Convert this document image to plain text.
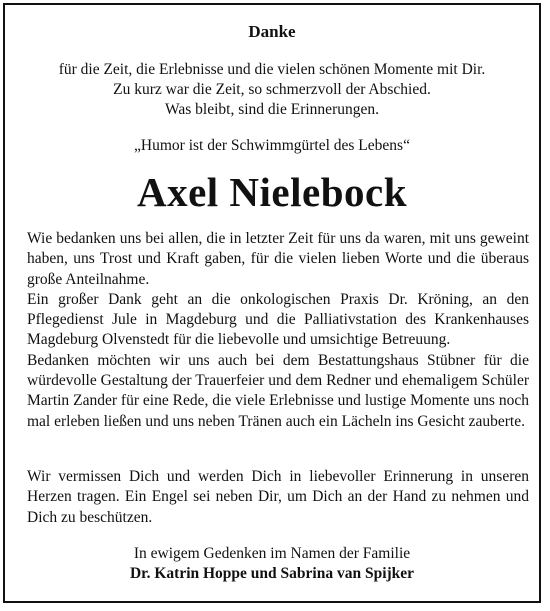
Danke
für die Zeit, die Erlebnisse und die vielen schönen Momente mit Dir.
Zu kurz war die Zeit, so schmerzvoll der Abschied.
Was bleibt, sind die Erinnerungen.
„Humor ist der Schwimmgürtel des Lebens“
Axel Nielebock
Wie bedanken uns bei allen, die in letzter Zeit für uns da waren, mit uns geweint haben, uns Trost und Kraft gaben, für die vielen lieben Worte und die überaus große Anteilnahme.
Ein großer Dank geht an die onkologischen Praxis Dr. Kröning, an den Pflegedienst Jule in Magdeburg und die Palliativstation des Krankenhauses Magdeburg Olvenstedt für die liebevolle und umsichtige Betreuung.
Bedanken möchten wir uns auch bei dem Bestattungshaus Stübner für die würdevolle Gestaltung der Trauerfeier und dem Redner und ehemaligem Schüler Martin Zander für eine Rede, die viele Erlebnisse und lustige Momente uns noch mal erleben ließen und uns neben Tränen auch ein Lächeln ins Gesicht zauberte.
Wir vermissen Dich und werden Dich in liebevoller Erinnerung in unseren Herzen tragen. Ein Engel sei neben Dir, um Dich an der Hand zu nehmen und Dich zu beschützen.
In ewigem Gedenken im Namen der Familie
Dr. Katrin Hoppe und Sabrina van Spijker
